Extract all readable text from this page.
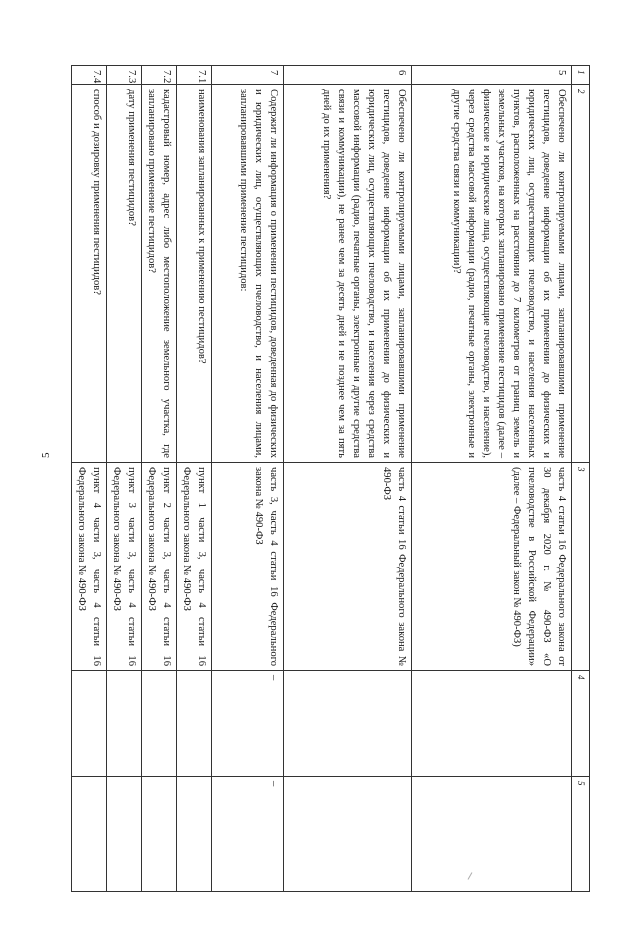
5
1	2	3	4	5
5	Обеспечено ли контролируемыми лицами, запланировавшими применение пестицидов, доведение информации об их применении до физических и юридических лиц, осуществляющих пчеловодство, и населения населенных пунктов, расположенных на расстоянии до 7 километров от границ земель и земельных участков, на которых запланировано применение пестицидов (далее – физические и юридические лица, осуществляющие пчеловодство, и население), через средства массовой информации (радио, печатные органы, электронные и другие средства связи и коммуникации)?	часть 4 статьи 16 Федерального закона от 30 декабря 2020 г. № 490-ФЗ «О пчеловодстве в Российской Федерации» (далее – Федеральный закон № 490-ФЗ)		
6	Обеспечено ли контролируемыми лицами, запланировавшими применение пестицидов, доведение информации об их применении до физических и юридических лиц, осуществляющих пчеловодство, и населения через средства массовой информации (радио, печатные органы, электронные и другие средства связи и коммуникации), не ранее чем за десять дней и не позднее чем за пять дней до их применения?	часть 4 статьи 16 Федерального закона № 490-ФЗ		
7	Содержит ли информация о применении пестицидов, доведенная до физических и юридических лиц, осуществляющих пчеловодство, и населения лицами, запланировавшими применение пестицидов:	часть 3, часть 4 статьи 16 Федерального закона № 490-ФЗ	–	–
7.1	наименования запланированных к применению пестицидов?	пункт 1 части 3, часть 4 статьи 16 Федерального закона № 490-ФЗ		
7.2	кадастровый номер, адрес либо местоположение земельного участка, где запланировано применение пестицидов?	пункт 2 части 3, часть 4 статьи 16 Федерального закона № 490-ФЗ		
7.3	дату применения пестицидов?	пункт 3 части 3, часть 4 статьи 16 Федерального закона № 490-ФЗ		
7.4	способ и дозировку применения пестицидов?	пункт 4 части 3, часть 4 статьи 16 Федерального закона № 490-ФЗ		
